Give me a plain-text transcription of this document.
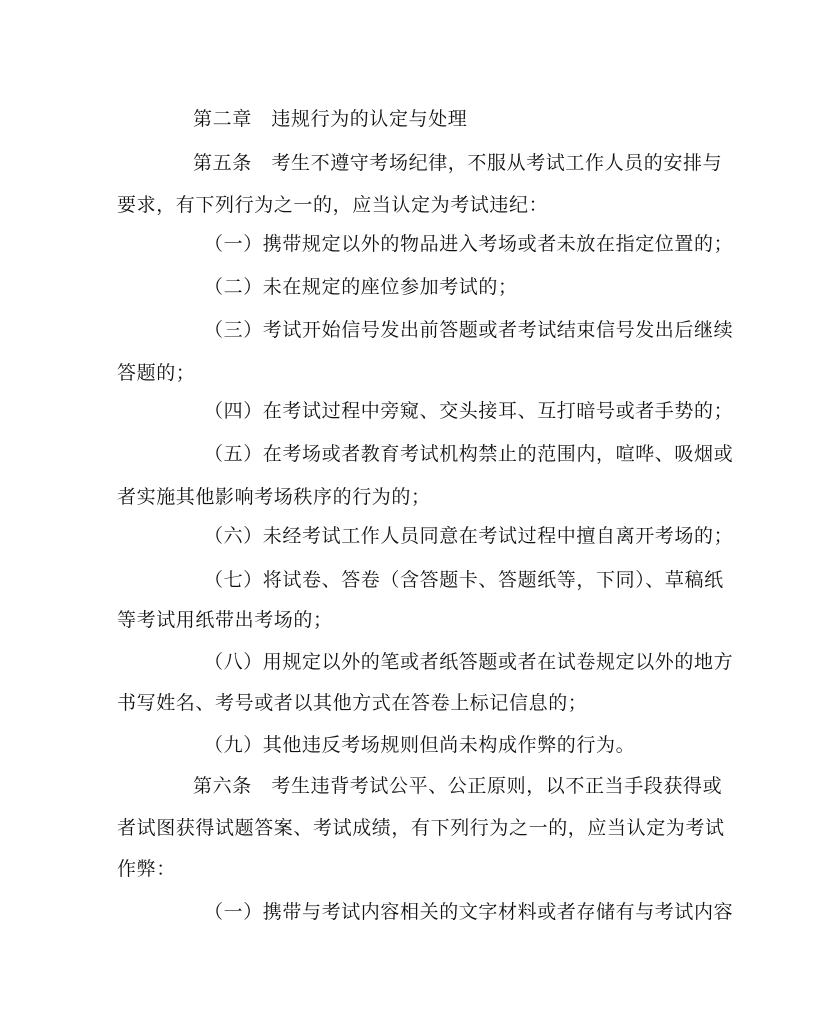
第二章　违规行为的认定与处理
第五条　考生不遵守考场纪律，不服从考试工作人员的安排与
要求，有下列行为之一的，应当认定为考试违纪：
（一）携带规定以外的物品进入考场或者未放在指定位置的；
（二）未在规定的座位参加考试的；
（三）考试开始信号发出前答题或者考试结束信号发出后继续
答题的；
（四）在考试过程中旁窥、交头接耳、互打暗号或者手势的；
（五）在考场或者教育考试机构禁止的范围内，喧哗、吸烟或
者实施其他影响考场秩序的行为的；
（六）未经考试工作人员同意在考试过程中擅自离开考场的；
（七）将试卷、答卷（含答题卡、答题纸等，下同）、草稿纸
等考试用纸带出考场的；
（八）用规定以外的笔或者纸答题或者在试卷规定以外的地方
书写姓名、考号或者以其他方式在答卷上标记信息的；
（九）其他违反考场规则但尚未构成作弊的行为。
第六条　考生违背考试公平、公正原则，以不正当手段获得或
者试图获得试题答案、考试成绩，有下列行为之一的，应当认定为考试
作弊：
（一）携带与考试内容相关的文字材料或者存储有与考试内容
